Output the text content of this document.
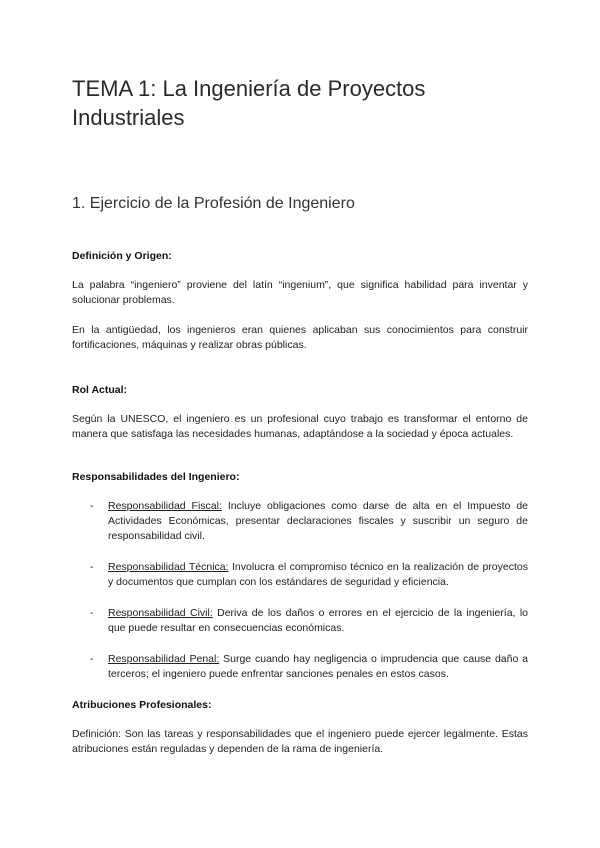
TEMA 1: La Ingeniería de Proyectos Industriales
1. Ejercicio de la Profesión de Ingeniero
Definición y Origen:

La palabra “ingeniero” proviene del latín “ingenium”, que significa habilidad para inventar y solucionar problemas.

En la antigüedad, los ingenieros eran quienes aplicaban sus conocimientos para construir fortificaciones, máquinas y realizar obras públicas.

Rol Actual:

Según la UNESCO, el ingeniero es un profesional cuyo trabajo es transformar el entorno de manera que satisfaga las necesidades humanas, adaptándose a la sociedad y época actuales.

Responsabilidades del Ingeniero:
- Responsabilidad Fiscal: Incluye obligaciones como darse de alta en el Impuesto de Actividades Económicas, presentar declaraciones fiscales y suscribir un seguro de responsabilidad civil.
- Responsabilidad Técnica: Involucra el compromiso técnico en la realización de proyectos y documentos que cumplan con los estándares de seguridad y eficiencia.
- Responsabilidad Civil: Deriva de los daños o errores en el ejercicio de la ingeniería, lo que puede resultar en consecuencias económicas.
- Responsabilidad Penal: Surge cuando hay negligencia o imprudencia que cause daño a terceros; el ingeniero puede enfrentar sanciones penales en estos casos.
Atribuciones Profesionales:

Definición: Son las tareas y responsabilidades que el ingeniero puede ejercer legalmente. Estas atribuciones están reguladas y dependen de la rama de ingeniería.
